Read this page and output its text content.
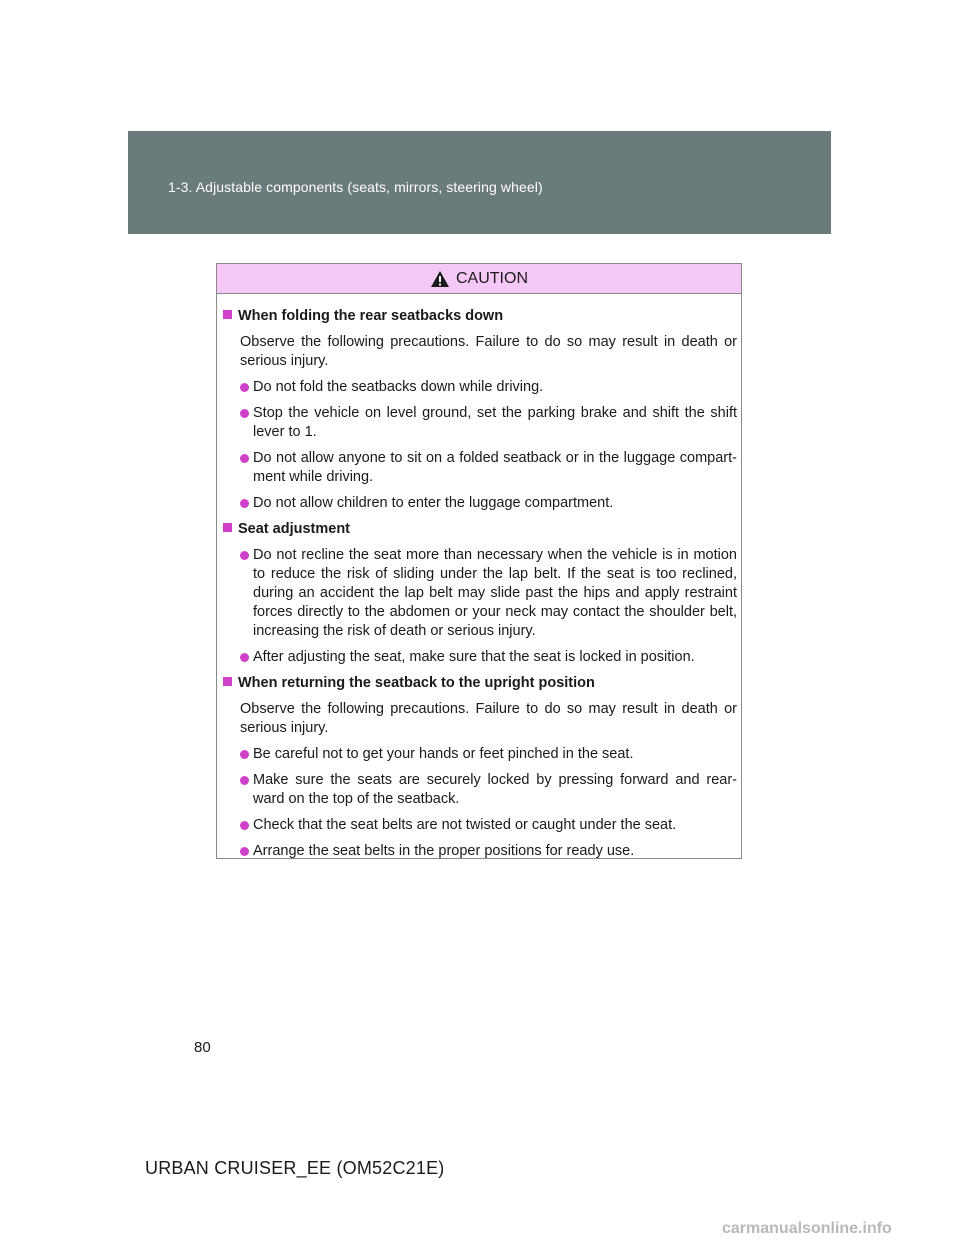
1-3. Adjustable components (seats, mirrors, steering wheel)
CAUTION
When folding the rear seatbacks down
Observe the following precautions. Failure to do so may result in death or serious injury.
Do not fold the seatbacks down while driving.
Stop the vehicle on level ground, set the parking brake and shift the shift lever to 1.
Do not allow anyone to sit on a folded seatback or in the luggage compart-ment while driving.
Do not allow children to enter the luggage compartment.
Seat adjustment
Do not recline the seat more than necessary when the vehicle is in motion to reduce the risk of sliding under the lap belt. If the seat is too reclined, during an accident the lap belt may slide past the hips and apply restraint forces directly to the abdomen or your neck may contact the shoulder belt, increasing the risk of death or serious injury.
After adjusting the seat, make sure that the seat is locked in position.
When returning the seatback to the upright position
Observe the following precautions. Failure to do so may result in death or serious injury.
Be careful not to get your hands or feet pinched in the seat.
Make sure the seats are securely locked by pressing forward and rear-ward on the top of the seatback.
Check that the seat belts are not twisted or caught under the seat.
Arrange the seat belts in the proper positions for ready use.
80
URBAN CRUISER_EE (OM52C21E)
carmanualsonline.info
